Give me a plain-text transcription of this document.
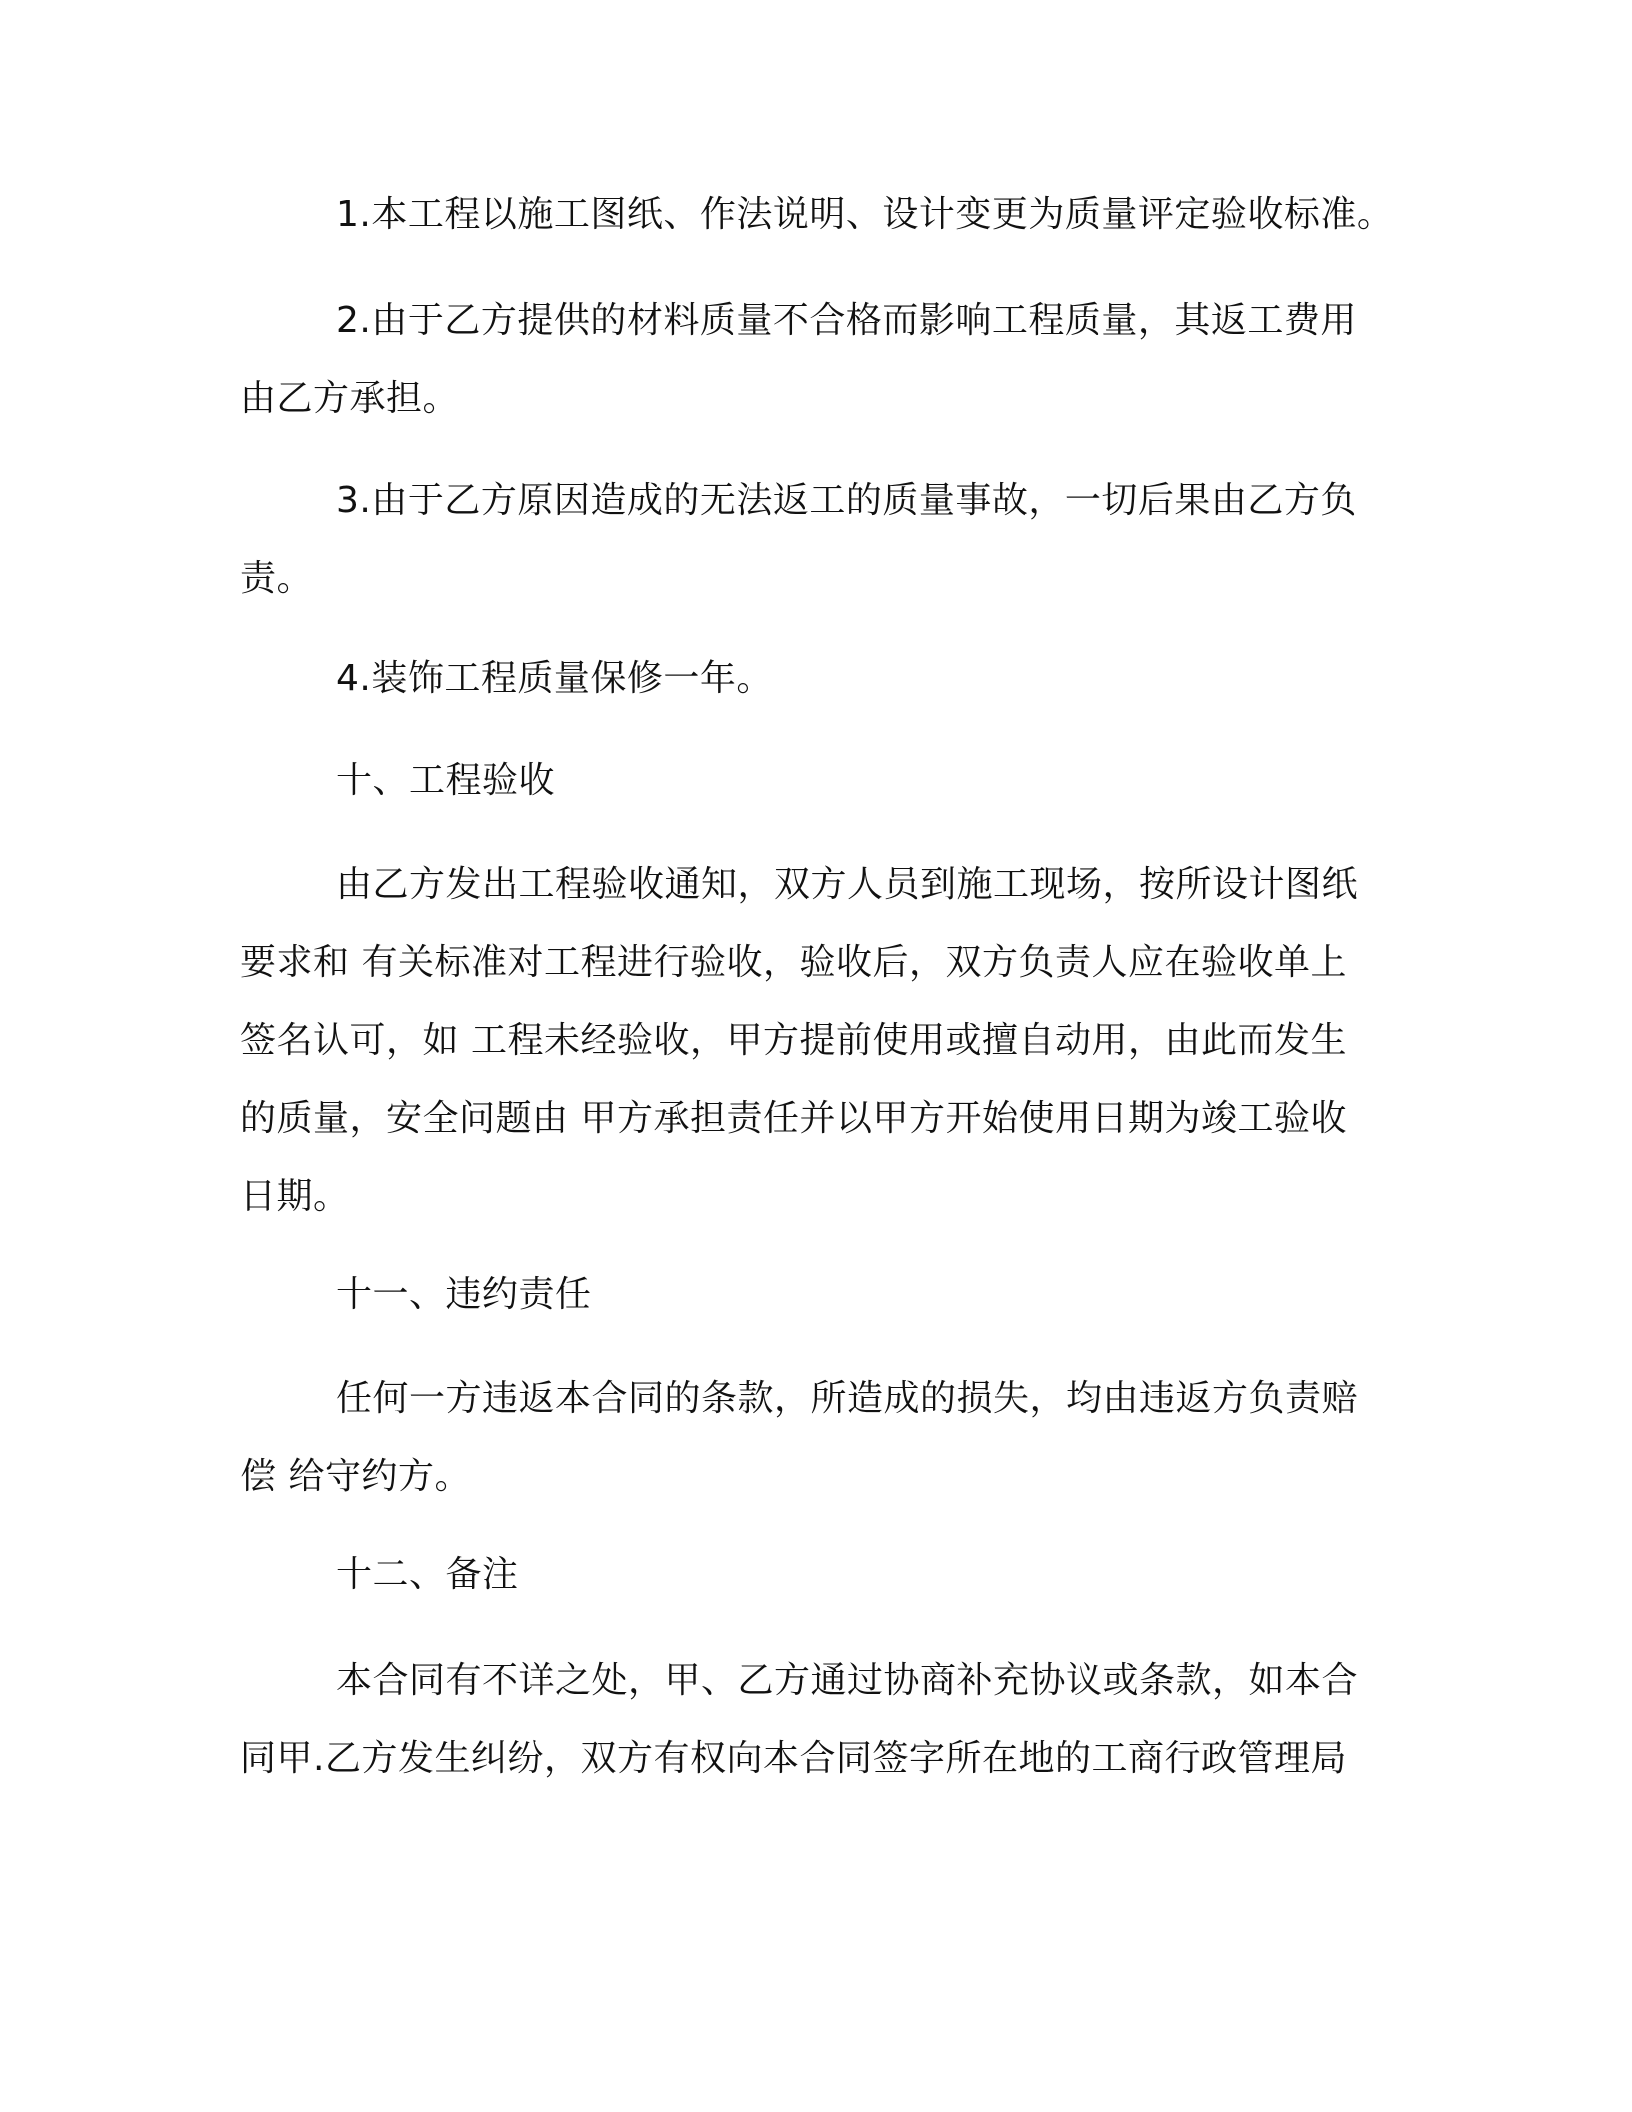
1.本工程以施工图纸、作法说明、设计变更为质量评定验收标准。
2.由于乙方提供的材料质量不合格而影响工程质量，其返工费用
由乙方承担。
3.由于乙方原因造成的无法返工的质量事故，一切后果由乙方负
责。
4.装饰工程质量保修一年。
十、工程验收
由乙方发出工程验收通知，双方人员到施工现场，按所设计图纸
要求和 有关标准对工程进行验收，验收后，双方负责人应在验收单上
签名认可，如 工程未经验收，甲方提前使用或擅自动用，由此而发生
的质量，安全问题由 甲方承担责任并以甲方开始使用日期为竣工验收
日期。
十一、违约责任
任何一方违返本合同的条款，所造成的损失，均由违返方负责赔
偿 给守约方。
十二、备注
本合同有不详之处，甲、乙方通过协商补充协议或条款，如本合
同甲.乙方发生纠纷，双方有权向本合同签字所在地的工商行政管理局
